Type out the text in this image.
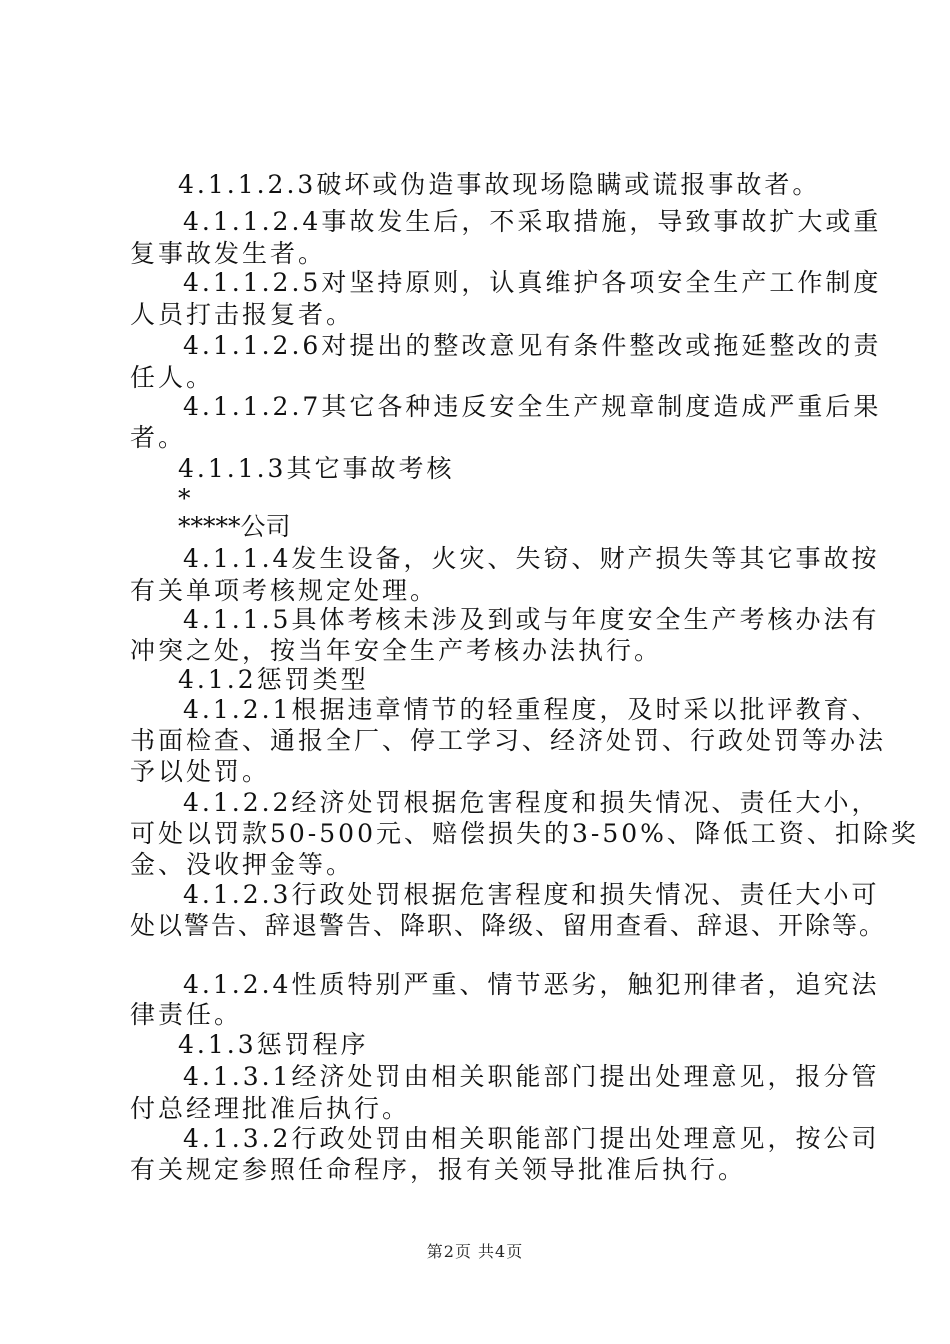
4.1.1.2.3破坏或伪造事故现场隐瞒或谎报事故者。
4.1.1.2.4事故发生后，不采取措施，导致事故扩大或重
复事故发生者。
4.1.1.2.5对坚持原则，认真维护各项安全生产工作制度
人员打击报复者。
4.1.1.2.6对提出的整改意见有条件整改或拖延整改的责
任人。
4.1.1.2.7其它各种违反安全生产规章制度造成严重后果
者。
4.1.1.3其它事故考核
*
*****公司
4.1.1.4发生设备，火灾、失窃、财产损失等其它事故按
有关单项考核规定处理。
4.1.1.5具体考核未涉及到或与年度安全生产考核办法有
冲突之处，按当年安全生产考核办法执行。
4.1.2惩罚类型
4.1.2.1根据违章情节的轻重程度，及时采以批评教育、
书面检查、通报全厂、停工学习、经济处罚、行政处罚等办法
予以处罚。
4.1.2.2经济处罚根据危害程度和损失情况、责任大小，
可处以罚款50-500元、赔偿损失的3-50%、降低工资、扣除奖
金、没收押金等。
4.1.2.3行政处罚根据危害程度和损失情况、责任大小可
处以警告、辞退警告、降职、降级、留用查看、辞退、开除等。
4.1.2.4性质特别严重、情节恶劣，触犯刑律者，追究法
律责任。
4.1.3惩罚程序
4.1.3.1经济处罚由相关职能部门提出处理意见，报分管
付总经理批准后执行。
4.1.3.2行政处罚由相关职能部门提出处理意见，按公司
有关规定参照任命程序，报有关领导批准后执行。
第2页 共4页
